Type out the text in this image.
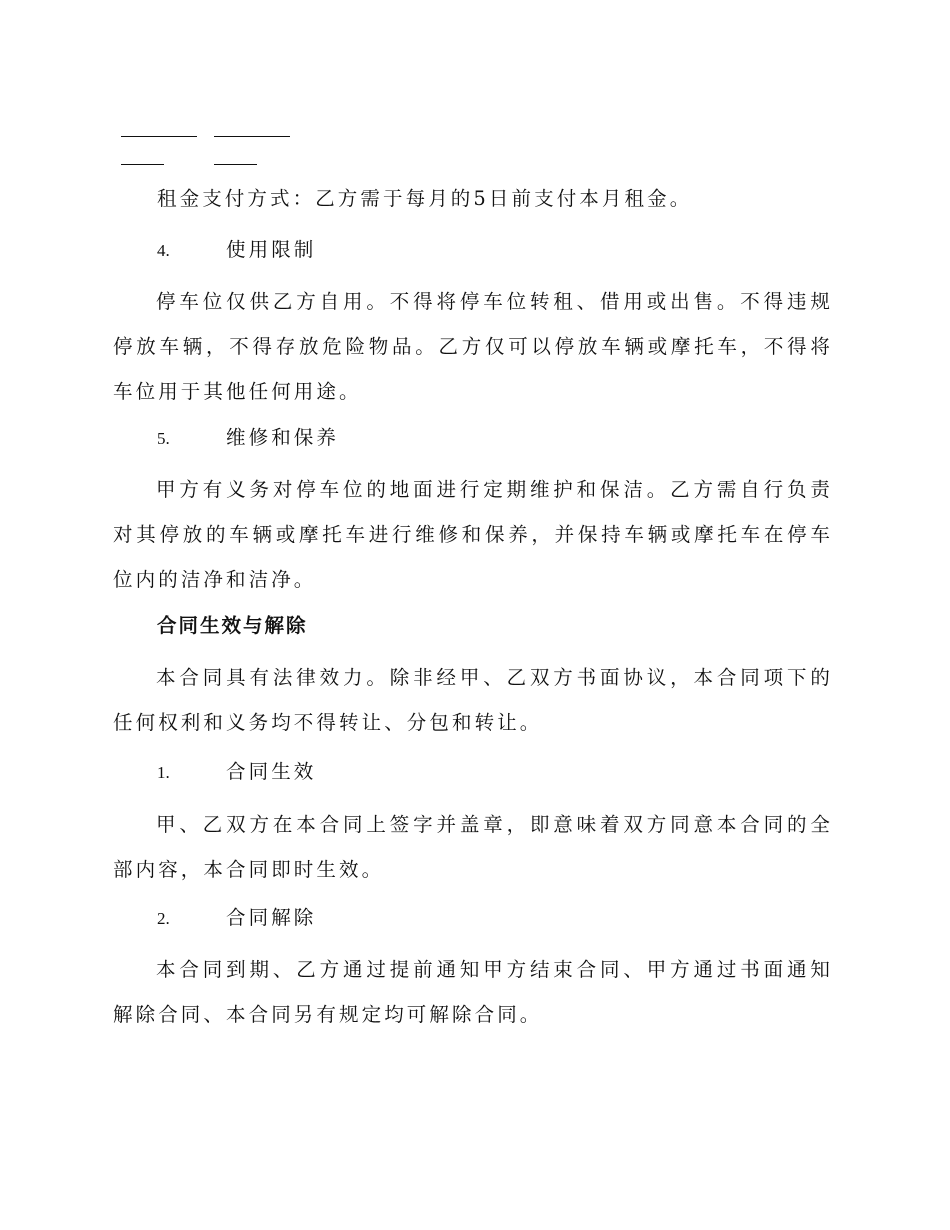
租金支付方式：乙方需于每月的5日前支付本月租金。
4.	使用限制

停车位仅供乙方自用。不得将停车位转租、借用或出售。不得违规停放车辆，不得存放危险物品。乙方仅可以停放车辆或摩托车，不得将车位用于其他任何用途。

5.	维修和保养

甲方有义务对停车位的地面进行定期维护和保洁。乙方需自行负责对其停放的车辆或摩托车进行维修和保养，并保持车辆或摩托车在停车位内的洁净和洁净。

合同生效与解除

本合同具有法律效力。除非经甲、乙双方书面协议，本合同项下的任何权利和义务均不得转让、分包和转让。

1.	合同生效

甲、乙双方在本合同上签字并盖章，即意味着双方同意本合同的全部内容，本合同即时生效。

2.	合同解除

本合同到期、乙方通过提前通知甲方结束合同、甲方通过书面通知解除合同、本合同另有规定均可解除合同。
